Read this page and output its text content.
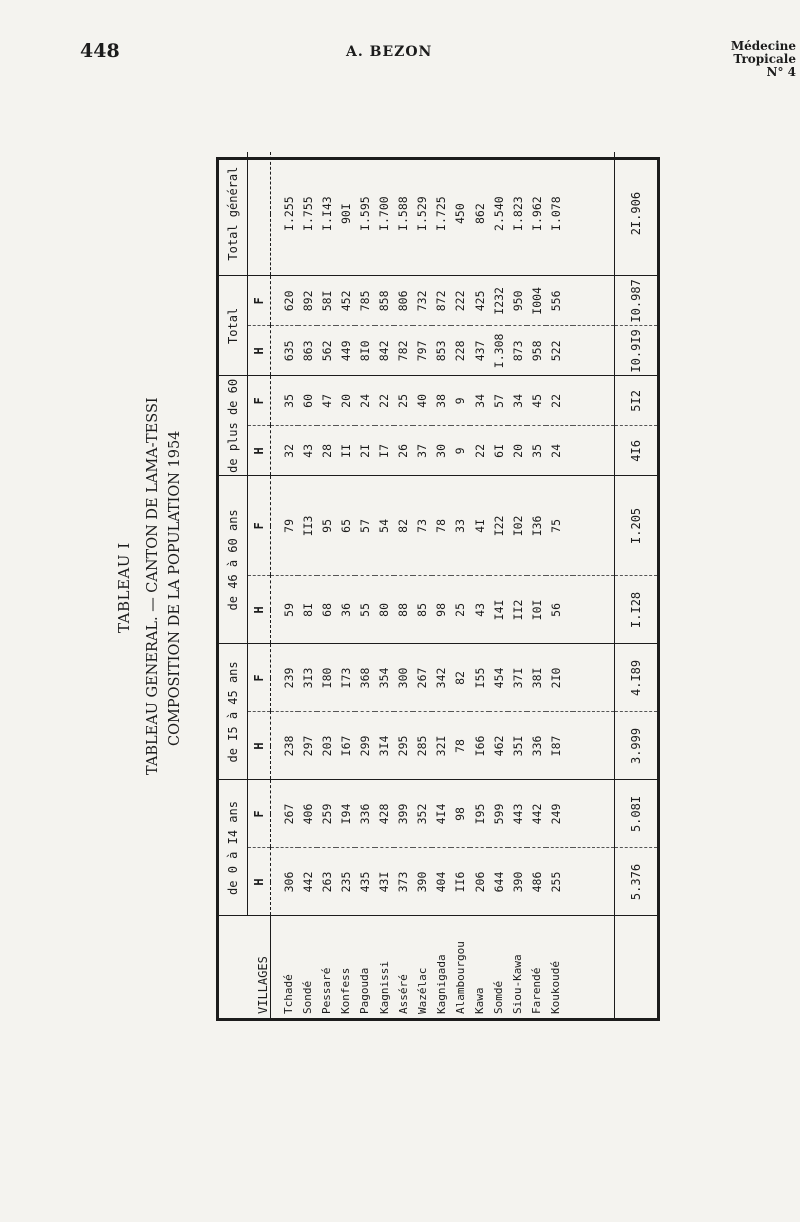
448	A. BEZON	Médecine
Tropicale
N° 4
TABLEAU I TABLEAU GENERAL. — CANTON DE LAMA-TESSI COMPOSITION DE LA POPULATION 1954
VILLAGES	de 0 à I4 ans		de I5 à 45 ans		de 46 à 60 ans		de plus de 60		Total		Total général
	H	F	H	F	H	F	H	F	H	F	
Tchadé	306	267	238	239	59	79	32	35	635	620	I.255
Sondé	442	406	297	3I3	8I	II3	43	60	863	892	I.755
Pessaré	263	259	203	I80	68	95	28	47	562	58I	I.I43
Konfess	235	I94	I67	I73	36	65	II	20	449	452	90I
Pagouda	435	336	299	368	55	57	2I	24	8I0	785	I.595
Kagnissi	43I	428	3I4	354	80	54	I7	22	842	858	I.700
Asséré	373	399	295	300	88	82	26	25	782	806	I.588
Wazélac	390	352	285	267	85	73	37	40	797	732	I.529
Kagnigada	404	4I4	32I	342	98	78	30	38	853	872	I.725
Alambourgou	II6	98	78	82	25	33	9	9	228	222	450
Kawa	206	I95	I66	I55	43	4I	22	34	437	425	862
Somdé	644	599	462	454	I4I	I22	6I	57	I.308	I232	2.540
Siou-Kawa	390	443	35I	37I	II2	I02	20	34	873	950	I.823
Farendé	486	442	336	38I	I0I	I36	35	45	958	I004	I.962
Koukoudé	255	249	I87	2I0	56	75	24	22	522	556	I.078

	5.376	5.08I	3.999	4.I89	I.I28	I.205	4I6	5I2	I0.9I9	I0.987	2I.906
